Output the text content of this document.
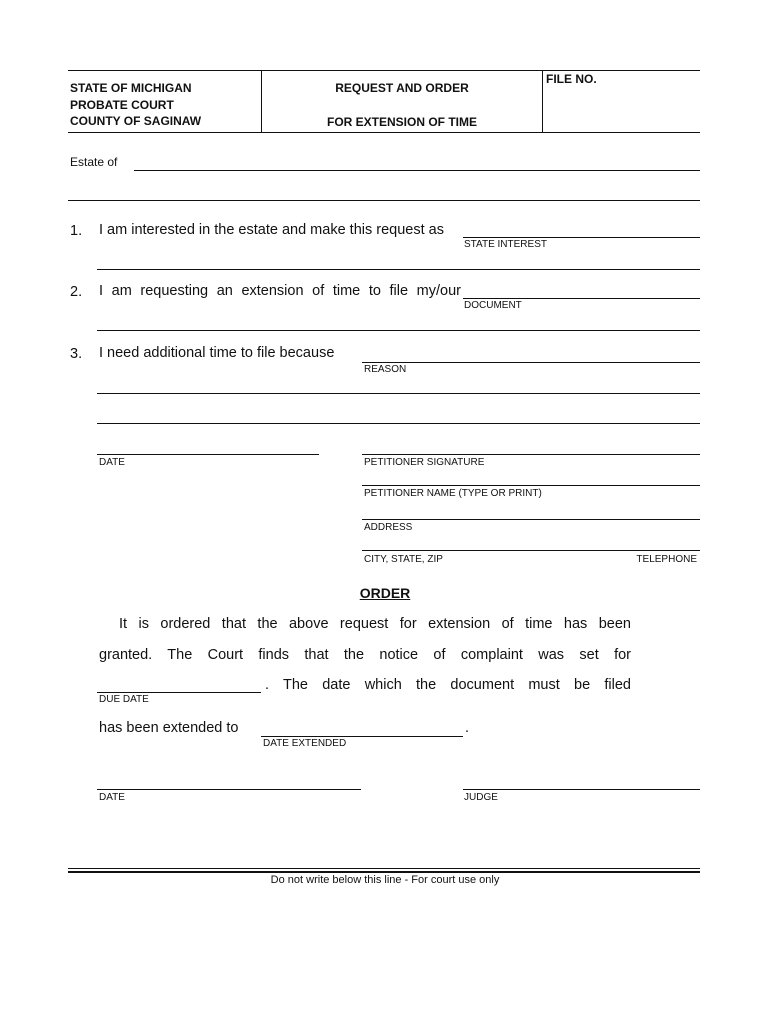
STATE OF MICHIGAN
PROBATE COURT
COUNTY OF SAGINAW
REQUEST AND ORDER
FOR EXTENSION OF TIME
FILE NO.
Estate of
1. I am interested in the estate and make this request as
STATE INTEREST
2. I am requesting an extension of time to file my/our
DOCUMENT
3. I need additional time to file because
REASON
DATE	PETITIONER SIGNATURE
PETITIONER NAME (TYPE OR PRINT)
ADDRESS
CITY, STATE, ZIP	TELEPHONE
ORDER
It is ordered that the above request for extension of time has been
granted. The Court finds that the notice of complaint was set for
DUE DATE
. The date which the document must be filed
has been extended to	.
DATE EXTENDED
DATE	JUDGE
Do not write below this line - For court use only
